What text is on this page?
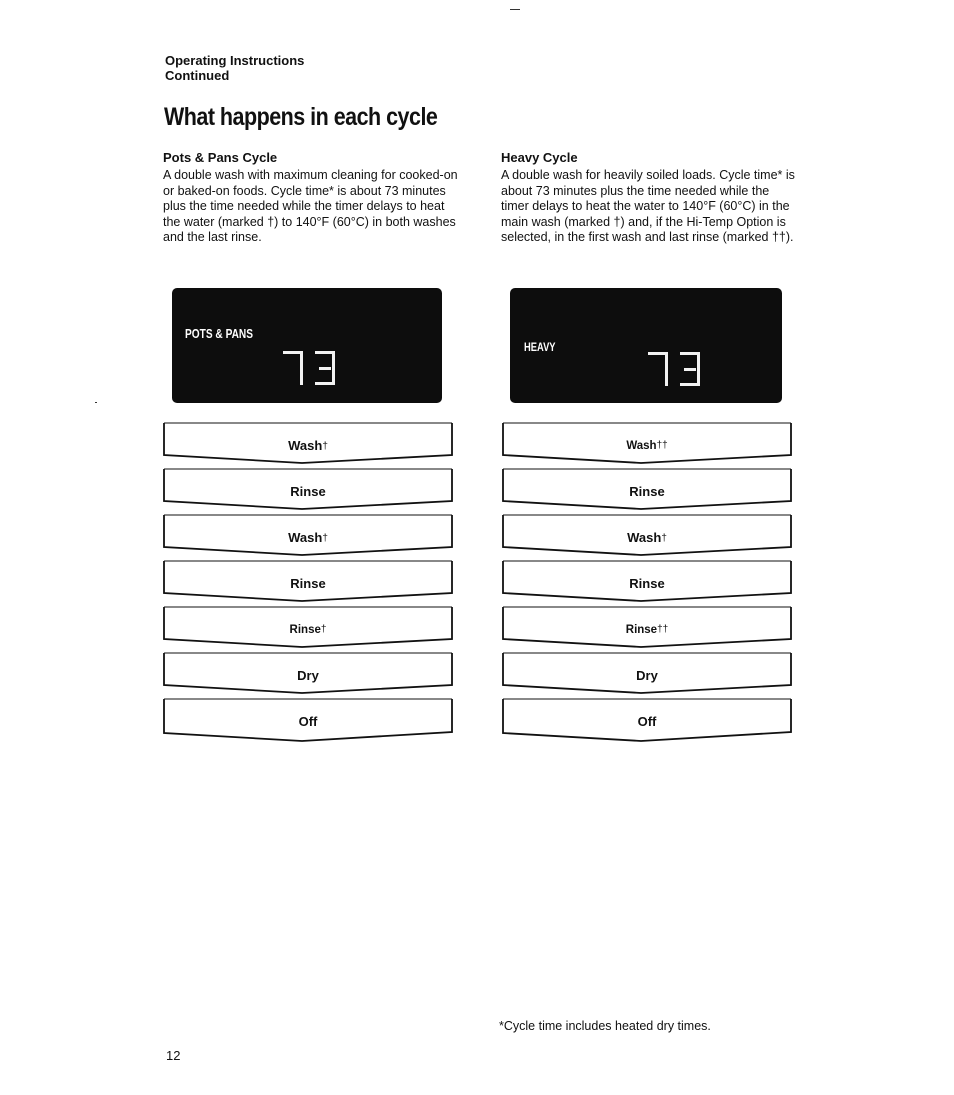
Operating Instructions
Continued
What happens in each cycle

Pots & Pans Cycle

A double wash with maximum cleaning for cooked-on or baked-on foods. Cycle time* is about 73 minutes plus the time needed while the timer delays to heat the water (marked †) to 140°F (60°C) in both washes and the last rinse.

Heavy Cycle

A double wash for heavily soiled loads. Cycle time* is about 73 minutes plus the time needed while the timer delays to heat the water to 140°F (60°C) in the main wash (marked †) and, if the Hi-Temp Option is selected, in the first wash and last rinse (marked ††).

POTS & PANS
HEAVY
Wash†
Rinse
Wash†
Rinse
Rinse†
Dry
Off
Wash††
Rinse
Wash†
Rinse
Rinse††
Dry
Off
*Cycle time includes heated dry times.
12
